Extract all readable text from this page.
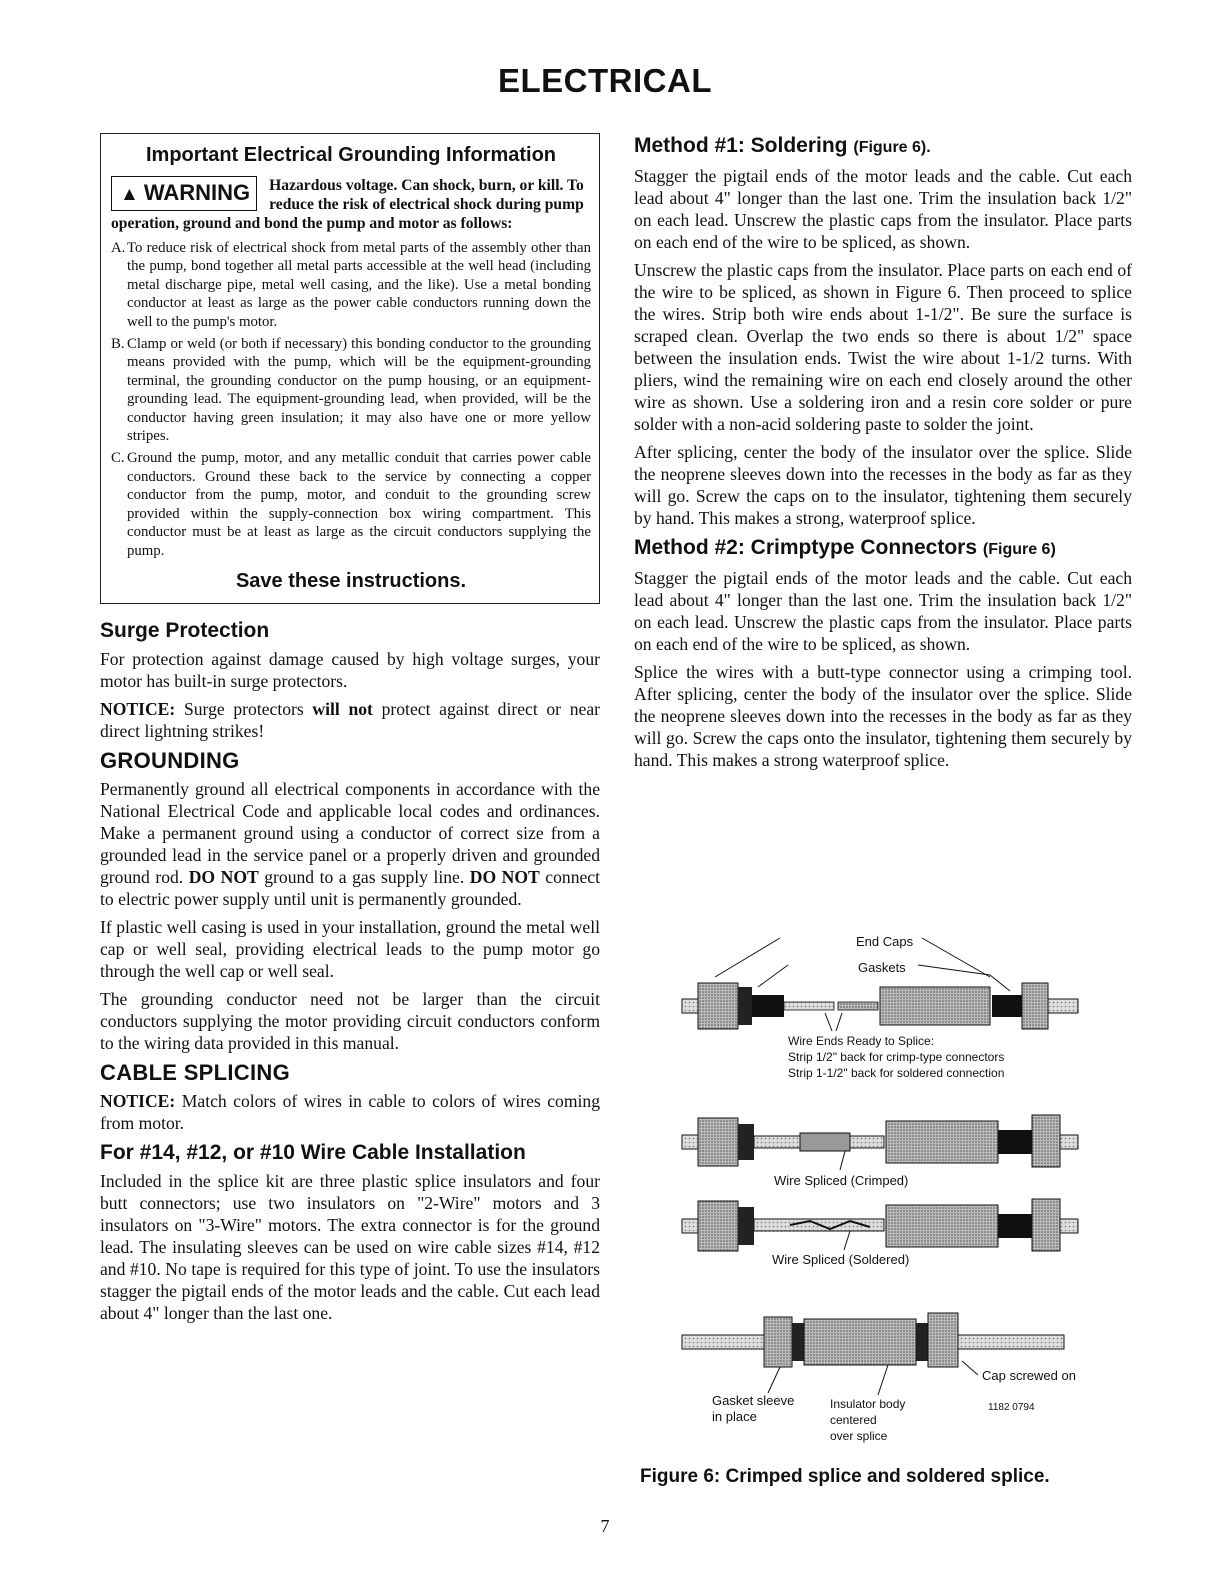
ELECTRICAL
Important Electrical Grounding Information
▲ WARNING	Hazardous voltage. Can shock, burn, or kill. To reduce the risk of electrical shock during pump operation, ground and bond the pump and motor as follows:
A. To reduce risk of electrical shock from metal parts of the assembly other than the pump, bond together all metal parts accessible at the well head (including metal discharge pipe, metal well casing, and the like). Use a metal bonding conductor at least as large as the power cable conductors running down the well to the pump's motor.
B. Clamp or weld (or both if necessary) this bonding conductor to the grounding means provided with the pump, which will be the equipment-grounding terminal, the grounding conductor on the pump housing, or an equipment-grounding lead. The equipment-grounding lead, when provided, will be the conductor having green insulation; it may also have one or more yellow stripes.
C. Ground the pump, motor, and any metallic conduit that carries power cable conductors. Ground these back to the service by connecting a copper conductor from the pump, motor, and conduit to the grounding screw provided within the supply-connection box wiring compartment. This conductor must be at least as large as the circuit conductors supplying the pump.
Save these instructions.
Surge Protection

For protection against damage caused by high voltage surges, your motor has built-in surge protectors.

NOTICE: Surge protectors will not protect against direct or near direct lightning strikes!

GROUNDING

Permanently ground all electrical components in accordance with the National Electrical Code and applicable local codes and ordinances. Make a permanent ground using a conductor of correct size from a grounded lead in the service panel or a properly driven and grounded ground rod. DO NOT ground to a gas supply line. DO NOT connect to electric power supply until unit is permanently grounded.

If plastic well casing is used in your installation, ground the metal well cap or well seal, providing electrical leads to the pump motor go through the well cap or well seal.

The grounding conductor need not be larger than the circuit conductors supplying the motor providing circuit conductors conform to the wiring data provided in this manual.

CABLE SPLICING

NOTICE: Match colors of wires in cable to colors of wires coming from motor.

For #14, #12, or #10 Wire Cable Installation

Included in the splice kit are three plastic splice insulators and four butt connectors; use two insulators on "2-Wire" motors and 3 insulators on "3-Wire" motors. The extra connector is for the ground lead. The insulating sleeves can be used on wire cable sizes #14, #12 and #10. No tape is required for this type of joint. To use the insulators stagger the pigtail ends of the motor leads and the cable. Cut each lead about 4" longer than the last one.

Method #1: Soldering (Figure 6).

Stagger the pigtail ends of the motor leads and the cable. Cut each lead about 4" longer than the last one. Trim the insulation back 1/2" on each lead. Unscrew the plastic caps from the insulator. Place parts on each end of the wire to be spliced, as shown.

Unscrew the plastic caps from the insulator. Place parts on each end of the wire to be spliced, as shown in Figure 6. Then proceed to splice the wires. Strip both wire ends about 1-1/2". Be sure the surface is scraped clean. Overlap the two ends so there is about 1/2" space between the insulation ends. Twist the wire about 1-1/2 turns. With pliers, wind the remaining wire on each end closely around the other wire as shown. Use a soldering iron and a resin core solder or pure solder with a non-acid soldering paste to solder the joint.

After splicing, center the body of the insulator over the splice. Slide the neoprene sleeves down into the recesses in the body as far as they will go. Screw the caps on to the insulator, tightening them securely by hand. This makes a strong, waterproof splice.

Method #2: Crimptype Connectors (Figure 6)

Stagger the pigtail ends of the motor leads and the cable. Cut each lead about 4" longer than the last one. Trim the insulation back 1/2" on each lead. Unscrew the plastic caps from the insulator. Place parts on each end of the wire to be spliced, as shown.

Splice the wires with a butt-type connector using a crimping tool. After splicing, center the body of the insulator over the splice. Slide the neoprene sleeves down into the recesses in the body as far as they will go. Screw the caps onto the insulator, tightening them securely by hand. This makes a strong waterproof splice.

End Caps
Gaskets
Wire Ends Ready to Splice:
Strip 1/2" back for crimp-type connectors
Strip 1-1/2" back for soldered connection
Wire Spliced (Crimped)
Wire Spliced (Soldered)
Cap screwed on
Gasket sleeve
in place
Insulator body
centered
over splice
1182 0794
Figure 6: Crimped splice and soldered splice.
7
